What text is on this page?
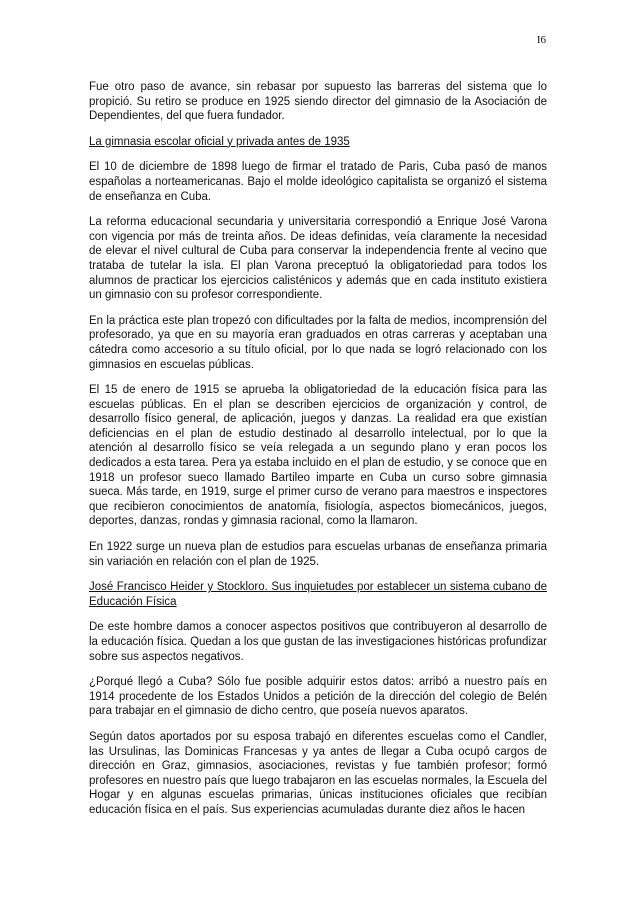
I6

Fue otro paso de avance, sin rebasar por supuesto las barreras del sistema que lo propició. Su retiro se produce en 1925 siendo director del gimnasio de la Asociación de Dependientes, del que fuera fundador.

La gimnasia escolar oficial y privada antes de 1935

El 10 de diciembre de 1898 luego de firmar el tratado de Paris, Cuba pasó de manos españolas a norteamericanas. Bajo el molde ideológico capitalista se organizó el sistema de enseñanza en Cuba.

La reforma educacional secundaria y universitaria correspondió a Enrique José Varona con vigencia por más de treinta años. De ideas definidas, veía claramente la necesidad de elevar el nivel cultural de Cuba para conservar la independencia frente al vecino que trataba de tutelar la isla. El plan Varona preceptuó la obligatoriedad para todos los alumnos de practicar los ejercicios calisténicos y además que en cada instituto existiera un gimnasio con su profesor correspondiente.

En la práctica este plan tropezó con dificultades por la falta de medios, incomprensión del profesorado, ya que en su mayoría eran graduados en otras carreras y aceptaban una cátedra como accesorio a su título oficial, por lo que nada se logró relacionado con los gimnasios en escuelas públicas.

El 15 de enero de 1915 se aprueba la obligatoriedad de la educación física para las escuelas públicas. En el plan se describen ejercicios de organización y control, de desarrollo físico general, de aplicación, juegos y danzas. La realidad era que existían deficiencias en el plan de estudio destinado al desarrollo intelectual, por lo que la atención al desarrollo físico se veía relegada a un segundo plano y eran pocos los dedicados a esta tarea. Pera ya estaba incluido en el plan de estudio, y se conoce que en 1918 un profesor sueco llamado Bartileo imparte en Cuba un curso sobre gimnasia sueca. Más tarde, en 1919, surge el primer curso de verano para maestros e inspectores que recibieron conocimientos de anatomía, fisiología, aspectos biomecánicos, juegos, deportes, danzas, rondas y gimnasia racional, como la llamaron.

En 1922 surge un nueva plan de estudios para escuelas urbanas de enseñanza primaria sin variación en relación con el plan de 1925.

José Francisco Heider y Stockloro. Sus inquietudes por establecer un sistema cubano de Educación Física

De este hombre damos a conocer aspectos positivos que contribuyeron al desarrollo de la educación física. Quedan a los que gustan de las investigaciones históricas profundizar sobre sus aspectos negativos.

¿Porqué llegó a Cuba? Sólo fue posible adquirir estos datos: arribó a nuestro país en 1914 procedente de los Estados Unidos a petición de la dirección del colegio de Belén para trabajar en el gimnasio de dicho centro, que poseía nuevos aparatos.

Según datos aportados por su esposa trabajó en diferentes escuelas como el Candler, las Ursulinas, las Dominicas Francesas y ya antes de llegar a Cuba ocupó cargos de dirección en Graz, gimnasios, asociaciones, revistas y fue también profesor; formó profesores en nuestro país que luego trabajaron en las escuelas normales, la Escuela del Hogar y en algunas escuelas primarias, únicas instituciones oficiales que recibían educación física en el país. Sus experiencias acumuladas durante diez años le hacen
